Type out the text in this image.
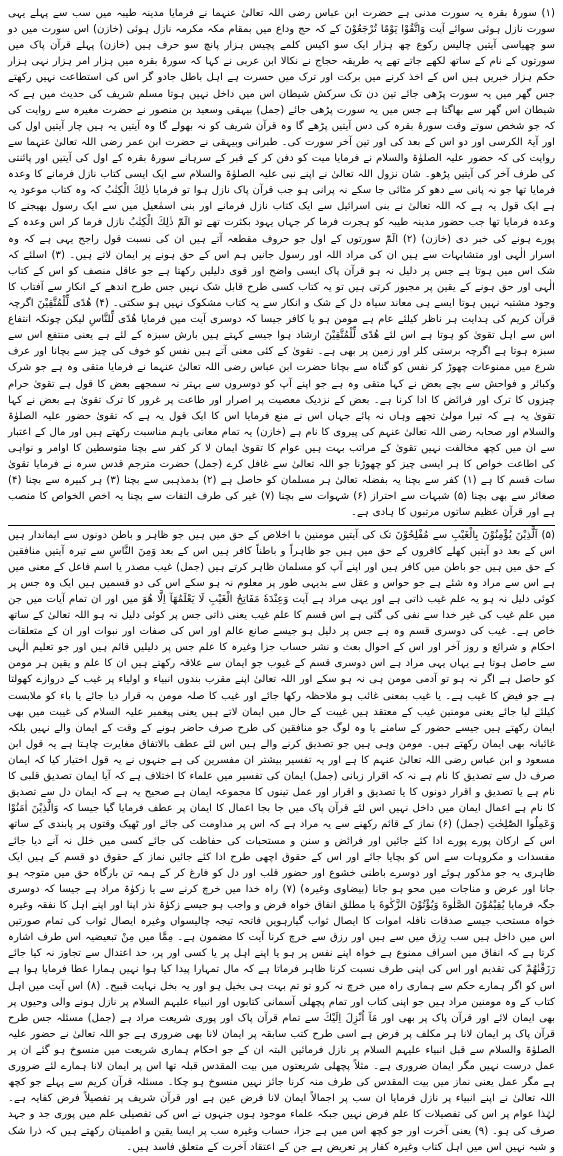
(۱) سورۂ بقرہ یہ سورت مدنی ہے حضرت ابن عباس رضی اللہ تعالیٰ عنہما نے فرمایا مدینہ طیبہ میں سب سے پہلے یہی سورت نازل ہوئی سوائے آیت وَاتَّقُوْا يَوْمًا تُرْجَعُوْنَ کے کہ حج وداع میں بمقام مکہ مکرمہ نازل ہوئی (خازن) اس سورت میں دو سو چھیاسی آیتیں چالیس رکوع چھ ہزار ایک سو اکیس کلمے پچیس ہزار پانچ سو حرف ہیں (خازن) پہلے قرآن پاک میں سورتوں کے نام کے ساتھ لکھے جاتے تھے یہ طریقہ حجاج نے نکالا ابن عربی نے کہا کہ سورۂ بقرہ میں ہزار امر ہزار نہی ہزار حکم ہزار خبریں ہیں اس کے اخذ کرنے میں برکت اور ترک میں حسرت ہے اہل باطل جادو گر اس کی استطاعت نہیں رکھتے جس گھر میں یہ سورت پڑھی جائے تین دن تک سرکش شیطان اس میں داخل نہیں ہوتا مسلم شریف کی حدیث میں ہے کہ شیطان اس گھر سے بھاگتا ہے جس میں یہ سورت پڑھی جائے (جمل) بیہقی وسعید بن منصور نے حضرت مغیرہ سے روایت کی کہ جو شخص سوتے وقت سورۂ بقرہ کی دس آیتیں پڑھے گا وہ قرآن شریف کو نہ بھولے گا وہ آیتیں یہ ہیں چار آیتیں اول کی اور آیۃ الکرسی اور دو اس کے بعد کی اور تین آخر سورت کی۔

طبرانی وبیہقی نے حضرت ابن عمر رضی اللہ تعالیٰ عنہما سے روایت کی کہ حضور علیہ الصلوٰۃ والسلام نے فرمایا میت کو دفن کر کے قبر کے سرہانے سورۂ بقرہ کے اول کی آیتیں اور پائنتی کی طرف آخر کی آیتیں پڑھو۔

شان نزول اللہ تعالیٰ نے اپنے نبی علیہ الصلوٰۃ والسلام سے ایک ایسی کتاب نازل فرمانے کا وعدہ فرمایا تھا جو نہ پانی سے دھو کر مٹائی جا سکے نہ پرانی ہو جب قرآن پاک نازل ہوا تو فرمایا ذٰلِكَ الْكِتٰبُ کہ وہ کتاب موعود یہ ہے ایک قول یہ ہے کہ اللہ تعالیٰ نے بنی اسرائیل سے ایک کتاب نازل فرمانے اور بنی اسمٰعیل میں سے ایک رسول بھیجنے کا وعدہ فرمایا تھا جب حضور مدینہ طیبہ کو ہجرت فرما کر جہاں یہود بکثرت تھے تو الٓمّٓ ذٰلِكَ الْكِتٰبُ نازل فرما کر اس وعدہ کے پورے ہونے کی خبر دی (خازن)

(۲) الٓمّٓ سورتوں کے اول جو حروف مقطعہ آتے ہیں ان کی نسبت قول راجح یہی ہے کہ وہ اسرار الٰہی اور متشابہات سے ہیں ان کی مراد اللہ اور رسول جانیں ہم اس کے حق ہونے پر ایمان لاتے ہیں۔

(۳) اسلئے کہ شک اس میں ہوتا ہے جس پر دلیل نہ ہو قرآن پاک ایسی واضح اور قوی دلیلیں رکھتا ہے جو عاقل منصف کو اس کے کتاب الٰہی اور حق ہونے کے یقین پر مجبور کرتی ہیں تو یہ کتاب کسی طرح قابل شک نہیں جس طرح اندھے کے انکار سے آفتاب کا وجود مشتبہ نہیں ہوتا ایسے ہی معاند سیاہ دل کے شک و انکار سے یہ کتاب مشکوک نہیں ہو سکتی۔

(۴) هُدًى لِّلْمُتَّقِيْنَ اگرچہ قرآن کریم کی ہدایت ہر ناظر کیلئے عام ہے مومن ہو یا کافر جیسا کہ دوسری آیت میں فرمایا هُدًى لِّلنَّاسِ لیکن چونکہ انتفاع اس سے اہل تقویٰ کو ہوتا ہے اس لئے هُدًى لِّلْمُتَّقِيْنَ ارشاد ہوا جیسے کہتے ہیں بارش سبزہ کے لئے ہے یعنی منتفع اس سے سبزہ ہوتا ہے اگرچہ برستی کلر اور زمین پر بھی ہے۔

تقویٰ کے کئی معنی آتے ہیں نفس کو خوف کی چیز سے بچانا اور عرف شرع میں ممنوعات چھوڑ کر نفس کو گناہ سے بچانا حضرت ابن عباس رضی اللہ تعالیٰ عنہما نے فرمایا متقی وہ ہے جو شرک وکبائر و فواحش سے بچے بعض نے کہا متقی وہ ہے جو اپنے آپ کو دوسروں سے بہتر نہ سمجھے بعض کا قول ہے تقویٰ حرام چیزوں کا ترک اور فرائض کا ادا کرنا ہے۔

بعض کے نزدیک معصیت پر اصرار اور طاعت پر غرور کا ترک تقویٰ ہے بعض نے کہا تقویٰ یہ ہے کہ تیرا مولیٰ تجھے وہاں نہ پائے جہاں اس نے منع فرمایا اس کا ایک قول یہ ہے کہ تقویٰ حضور علیہ الصلوٰۃ والسلام اور صحابہ رضی اللہ تعالیٰ عنہم کی پیروی کا نام ہے (خازن)

یہ تمام معانی باہم مناسبت رکھتے ہیں اور مال کے اعتبار سے ان میں کچھ مخالفت نہیں تقویٰ کے مراتب بہت ہیں عوام کا تقویٰ ایمان لا کر کفر سے بچنا متوسطین کا اوامر و نواہی کی اطاعت خواص کا ہر ایسی چیز کو چھوڑنا جو اللہ تعالیٰ سے غافل کرے (جمل) حضرت مترجم قدس سرہ نے فرمایا تقویٰ سات قسم کا ہے (۱) کفر سے بچنا یہ بفضلہ تعالیٰ ہر مسلمان کو حاصل ہے (۲) بدمذہبی سے بچنا (۳) ہر کبیرہ سے بچنا (۴) صغائر سے بھی بچنا (۵) شبہات سے احتراز (۶) شہوات سے بچنا (۷) غیر کی طرف التفات سے بچنا یہ اخص الخواص کا منصب ہے اور قرآن عظیم ساتوں مرتبوں کا ہادی ہے۔

(۵) اَلَّذِيْنَ يُؤْمِنُوْنَ بِالْغَيْبِ سے مُفْلِحُوْنَ تک کی آیتیں مومنین با اخلاص کے حق میں ہیں جو ظاہر و باطن دونوں سے ایماندار ہیں اس کے بعد دو آیتیں کھلے کافروں کے حق میں ہیں جو ظاہراً و باطناً کافر ہیں اس کے بعد وَمِنَ النَّاسِ سے تیرہ آیتیں منافقین کے حق میں ہیں جو باطن میں کافر ہیں اور اپنے آپ کو مسلمان ظاہر کرتے ہیں (جمل)

غیب مصدر یا اسم فاعل کے معنی میں ہے اس سے مراد وہ شئے ہے جو حواس و عقل سے بدیہی طور پر معلوم نہ ہو سکے اس کی دو قسمیں ہیں ایک وہ جس پر کوئی دلیل نہ ہو یہ علم غیب ذاتی ہے اور یہی مراد ہے آیت وَعِنْدَهٗ مَفَاتِحُ الْغَيْبِ لَا يَعْلَمُهَآ اِلَّا هُوَ میں اور ان تمام آیات میں جن میں علم غیب کی غیر خدا سے نفی کی گئی ہے اس قسم کا علم غیب یعنی ذاتی جس پر کوئی دلیل نہ ہو اللہ تعالیٰ کے ساتھ خاص ہے۔

غیب کی دوسری قسم وہ ہے جس پر دلیل ہو جیسے صانع عالم اور اس کی صفات اور نبوات اور ان کے متعلقات احکام و شرائع و روز آخر اور اس کے احوال بعث و نشر حساب جزا وغیرہ کا علم جس پر دلیلیں قائم ہیں اور جو تعلیم الٰہی سے حاصل ہوتا ہے یہاں یہی مراد ہے اس دوسری قسم کے غیوب جو ایمان سے علاقہ رکھتے ہیں ان کا علم و یقین ہر مومن کو حاصل ہے اگر نہ ہو تو آدمی مومن ہی نہ ہو سکے اور اللہ تعالیٰ اپنے مقرب بندوں انبیاء و اولیاء پر غیب کے دروازے کھولتا ہے جو فیض کا غیب ہے۔

یا غیب بمعنی غائب ہو ملاحظہ رکھا جائے اور غیب کا صلہ مومن بہ قرار دیا جائے یا باء کو ملابست کیلئے لیا جائے یعنی مومنین غیب کے معتقد ہیں غیبت کے حال میں ایمان لاتے ہیں یعنی پیغمبر علیہ السلام کی غیبت میں بھی ایمان رکھتے ہیں جیسے حضور کے سامنے یا وہ لوگ جو منافقین کی طرح صرف حاضر ہونے کے وقت کے ایمان والے نہیں بلکہ غائبانہ بھی ایمان رکھتے ہیں۔

مومن وہی ہیں جو تصدیق کرنے والے ہیں اس لئے عطف بالاتفاق مغایرت چاہتا ہے یہ قول ابن مسعود و ابن عباس رضی اللہ تعالیٰ عنہم کا ہے اور یہ تفسیر بیشتر ان مفسرین کی ہے جنہوں نے یہ قول اختیار کیا کہ ایمان صرف دل سے تصدیق کا نام ہے نہ کہ اقرار زبانی (جمل)

ایمان کی تفسیر میں علماء کا اختلاف ہے کہ آیا ایمان تصدیق قلبی کا نام ہے یا تصدیق و اقرار دونوں کا یا تصدیق و اقرار اور عمل تینوں کا مجموعہ ایمان ہے صحیح یہ ہے کہ ایمان دل سے تصدیق کا نام ہے اعمال ایمان میں داخل نہیں اس لئے قرآن پاک میں جا بجا اعمال کا ایمان پر عطف فرمایا گیا جیسا کہ وَالَّذِيْنَ اٰمَنُوْا وَعَمِلُوا الصّٰلِحٰتِ (جمل)

(۶) نماز کے قائم رکھنے سے یہ مراد ہے کہ اس پر مداومت کی جائے اور ٹھیک وقتوں پر پابندی کے ساتھ اس کے ارکان پورے پورے ادا کئے جائیں اور فرائض و سنن و مستحبات کی حفاظت کی جائے کسی میں خلل نہ آنے دیا جائے مفسدات و مکروہات سے اس کو بچایا جائے اور اس کے حقوق اچھی طرح ادا کئے جائیں نماز کے حقوق دو قسم کے ہیں ایک ظاہری یہ جو مذکور ہوئے اور دوسرے باطنی خشوع اور حضور قلب اور دل کو فارغ کر کے ہمہ تن بارگاہ حق میں متوجہ ہو جانا اور عرض و مناجات میں محو ہو جانا (بیضاوی وغیرہ)

(۷) راہ خدا میں خرچ کرنے سے یا زکوٰۃ مراد ہے جیسا کہ دوسری جگہ فرمایا يُقِيْمُوْنَ الصَّلٰوةَ وَيُؤْتُوْنَ الزَّكٰوةَ یا مطلق انفاق خواہ فرض و واجب ہو جیسے زکوٰۃ نذر اپنا اور اپنے اہل کا نفقہ وغیرہ خواہ مستحب جیسے صدقات نافلہ اموات کا ایصال ثواب گیارہویں فاتحہ تیجہ چالیسواں وغیرہ ایصال ثواب کی تمام صورتیں اس میں داخل ہیں سب رِزق میں سے ہیں اور رزق سے خرچ کرنا آیت کا مضمون ہے۔

مِمَّا میں مِنْ تبعیضیہ اس طرف اشارہ کرتا ہے کہ انفاق میں اسراف ممنوع ہے خواہ اپنے نفس پر ہو یا اپنے اہل پر یا کسی اور پر، حد اعتدال سے تجاوز نہ کیا جائے رَزَقْنٰهُمْ کی تقدیم اور اس کی اپنی طرف نسبت کرنا ظاہر فرماتا ہے کہ مال تمہارا پیدا کیا ہوا نہیں ہمارا عطا فرمایا ہوا ہے اس کو اگر ہمارے حکم سے ہماری راہ میں خرچ نہ کرو تو تم بہت ہی بخیل ہو اور یہ بخل نہایت قبیح۔

(۸) اس آیت میں اہل کتاب کے وہ مومنین مراد ہیں جو اپنی کتاب اور تمام پچھلی آسمانی کتابوں اور انبیاء علیہم السلام پر نازل ہونے والی وحیوں پر بھی ایمان لائے اور قرآن پاک پر بھی اور مَآ اُنْزِلَ اِلَيْكَ سے تمام قرآن پاک اور پوری شریعت مراد ہے (جمل) مسئلہ جس طرح قرآن پاک پر ایمان لانا ہر مکلف پر فرض ہے اسی طرح کتب سابقہ پر ایمان لانا بھی ضروری ہے جو اللہ تعالیٰ نے حضور علیہ الصلوٰۃ والسلام سے قبل انبیاء علیہم السلام پر نازل فرمائیں البتہ ان کے جو احکام ہماری شریعت میں منسوخ ہو گئے ان پر عمل درست نہیں مگر ایمان ضروری ہے۔

مثلاً پچھلی شریعتوں میں بیت المقدس قبلہ تھا اس پر ایمان لانا ہمارے لئے ضروری ہے مگر عمل یعنی نماز میں بیت المقدس کی طرف منہ کرنا جائز نہیں منسوخ ہو چکا۔ مسئلہ قرآن کریم سے پہلے جو کچھ اللہ تعالیٰ نے اپنے انبیاء پر نازل فرمایا ان سب پر اجمالاً ایمان لانا فرض عین ہے اور قرآن شریف پر تفصیلاً فرض کفایہ ہے۔ لہٰذا عوام پر اس کی تفصیلات کا علم فرض نہیں جبکہ علماء موجود ہوں جنہوں نے اس کی تفصیلی علم میں پوری جد و جہد صرف کی ہو۔

(۹) یعنی آخرت اور جو کچھ اس میں ہے جزا، حساب وغیرہ سب پر ایسا یقین و اطمینان رکھتے ہیں کہ ذرا شک و شبہ نہیں اس میں اہل کتاب وغیرہ کفار پر تعریض ہے جن کے اعتقاد آخرت کے متعلق فاسد ہیں۔
